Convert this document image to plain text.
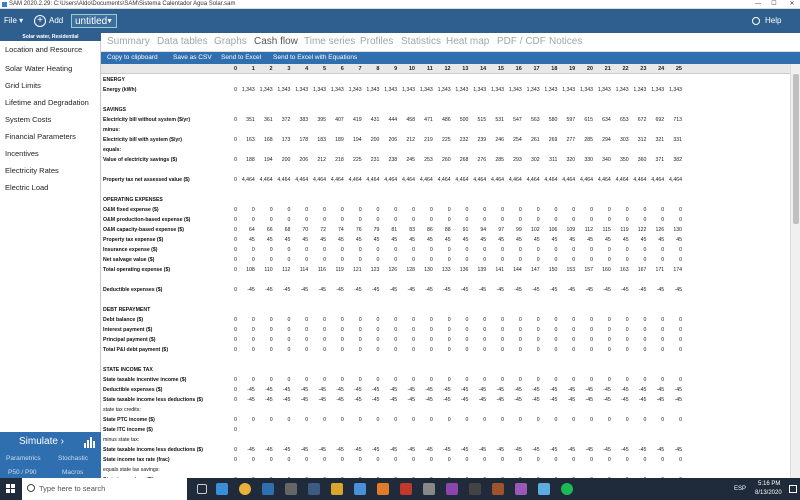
SAM 2020.2.29: C:\Users\Aldo\Documents\SAM\Sistema Calentador Agua Solar.sam	—	☐	✕
File ▾	+ Add	untitled
▼	Help
Solar water, Residential
Location and Resource
Solar Water Heating
Grid Limits
Lifetime and Degradation
System Costs
Financial Parameters
Incentives
Electricity Rates
Electric Load
Simulate ›
Parametrics	Stochastic
P50 / P90	Macros
Summary Data tables Graphs Cash flow Time series Profiles Statistics Heat map PDF / CDF Notices
Copy to clipboard Save as CSV Send to Excel Send to Excel with Equations
0	1	2	3	4	5	6	7	8	9	10	11	12	13	14	15	16	17	18	19	20	21	22	23	24	25
ENERGY
Energy (kWh)	0 1,343 1,343 1,343 1,343 1,343 1,343 1,343 1,343 1,343 1,343 1,343 1,343 1,343 1,343 1,343 1,343 1,343 1,343 1,343 1,343 1,343 1,343 1,343 1,343 1,343
SAVINGS
Electricity bill without system ($/yr)	0	351	361	372	383	395	407	419	431	444	458	471	486	500	515	531	547	563	580	597	615	634	653	672	692	713
minus:
Electricity bill with system ($/yr)	0	163	168	173	178	183	189	194	200	206	212	219	225	232	239	246	254	261	269	277	285	294	303	312	321	331
equals:
Value of electricity savings ($)	0	188	194	200	206	212	218	225	231	238	245	253	260	268	276	285	293	302	311	320	330	340	350	360	371	382
Property tax net assessed value ($)	0 4,464 4,464 4,464 4,464 4,464 4,464 4,464 4,464 4,464 4,464 4,464 4,464 4,464 4,464 4,464 4,464 4,464 4,464 4,464 4,464 4,464 4,464 4,464 4,464 4,464
OPERATING EXPENSES
O&M fixed expense ($)	0	0	0	0	0	0	0	0	0	0	0	0	0	0	0	0	0	0	0	0	0	0	0	0	0	0
O&M production-based expense ($)	0	0	0	0	0	0	0	0	0	0	0	0	0	0	0	0	0	0	0	0	0	0	0	0	0	0
O&M capacity-based expense ($)	0	64	66	68	70	72	74	76	79	81	83	86	88	91	94	97	99	102	106	109	112	115	119	122	126	130
Property tax expense ($)	0	45	45	45	45	45	45	45	45	45	45	45	45	45	45	45	45	45	45	45	45	45	45	45	45	45
Insurance expense ($)	0	0	0	0	0	0	0	0	0	0	0	0	0	0	0	0	0	0	0	0	0	0	0	0	0	0
Net salvage value ($)	0	0	0	0	0	0	0	0	0	0	0	0	0	0	0	0	0	0	0	0	0	0	0	0	0	0
Total operating expense ($)	0	108	110	112	114	116	119	121	123	126	128	130	133	136	139	141	144	147	150	153	157	160	163	167	171	174
Deductible expenses ($)	0	-45	-45	-45	-45	-45	-45	-45	-45	-45	-45	-45	-45	-45	-45	-45	-45	-45	-45	-45	-45	-45	-45	-45	-45	-45
DEBT REPAYMENT
Debt balance ($)	0	0	0	0	0	0	0	0	0	0	0	0	0	0	0	0	0	0	0	0	0	0	0	0	0	0
Interest payment ($)	0	0	0	0	0	0	0	0	0	0	0	0	0	0	0	0	0	0	0	0	0	0	0	0	0	0
Principal payment ($)	0	0	0	0	0	0	0	0	0	0	0	0	0	0	0	0	0	0	0	0	0	0	0	0	0	0
Total P&I debt payment ($)	0	0	0	0	0	0	0	0	0	0	0	0	0	0	0	0	0	0	0	0	0	0	0	0	0	0
STATE INCOME TAX
State taxable incentive income ($)	0	0	0	0	0	0	0	0	0	0	0	0	0	0	0	0	0	0	0	0	0	0	0	0	0	0
Deductible expenses ($)	0	-45	-45	-45	-45	-45	-45	-45	-45	-45	-45	-45	-45	-45	-45	-45	-45	-45	-45	-45	-45	-45	-45	-45	-45	-45
State taxable income less deductions ($)	0	-45	-45	-45	-45	-45	-45	-45	-45	-45	-45	-45	-45	-45	-45	-45	-45	-45	-45	-45	-45	-45	-45	-45	-45	-45
state tax credits:
State PTC income ($)	0	0	0	0	0	0	0	0	0	0	0	0	0	0	0	0	0	0	0	0	0	0	0	0	0	0
State ITC income ($)	0
minus state tax:
State taxable income less deductions ($)	0	-45	-45	-45	-45	-45	-45	-45	-45	-45	-45	-45	-45	-45	-45	-45	-45	-45	-45	-45	-45	-45	-45	-45	-45	-45
State income tax rate (frac)	0	0	0	0	0	0	0	0	0	0	0	0	0	0	0	0	0	0	0	0	0	0	0	0	0	0
equals state tax savings:
Type here to search	ESP
5:16 PM
8/13/2020
